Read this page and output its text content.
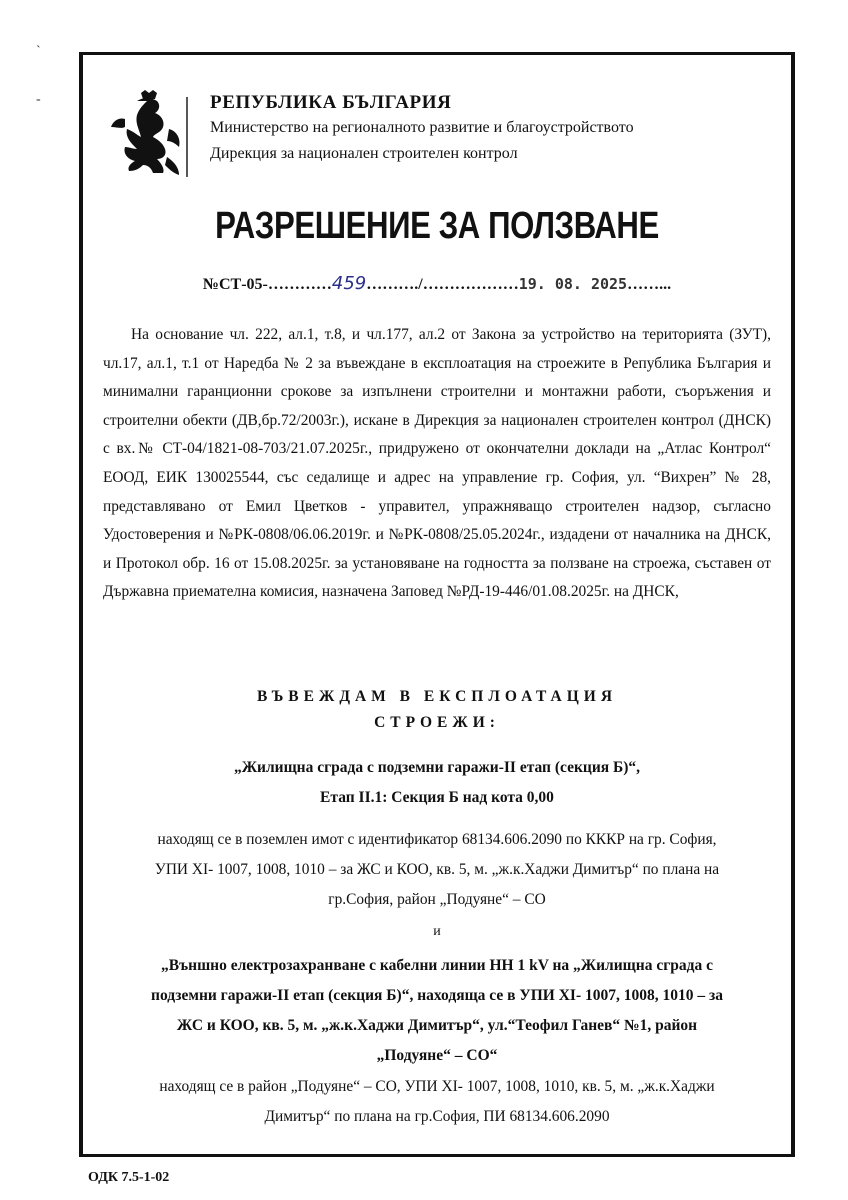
ˋ
-	РЕПУБЛИКА БЪЛГАРИЯ
Министерство на регионалното развитие и благоустройството
Дирекция за национален строителен контрол
РАЗРЕШЕНИЕ ЗА ПОЛЗВАНЕ
№СТ-05-…………459………./………………19. 08. 2025……...
На основание чл. 222, ал.1, т.8, и чл.177, ал.2 от Закона за устройство на територията (ЗУТ), чл.17, ал.1, т.1 от Наредба № 2 за въвеждане в експлоатация на строежите в Република България и минимални гаранционни срокове за изпълнени строителни и монтажни работи, съоръжения и строителни обекти (ДВ,бр.72/2003г.), искане в Дирекция за национален строителен контрол (ДНСК) с вх.№ СТ-04/1821-08-703/21.07.2025г., придружено от окончателни доклади на „Атлас Контрол“ ЕООД, ЕИК 130025544, със седалище и адрес на управление гр. София, ул. “Вихрен” № 28, представлявано от Емил Цветков - управител, упражняващо строителен надзор, съгласно Удостоверения и №РК-0808/06.06.2019г. и №РК-0808/25.05.2024г., издадени от началника на ДНСК, и Протокол обр. 16 от 15.08.2025г. за установяване на годността за ползване на строежа, съставен от Държавна приемателна комисия, назначена Заповед №РД-19-446/01.08.2025г. на ДНСК,
ВЪВЕЖДАМ В ЕКСПЛОАТАЦИЯ
СТРОЕЖИ:
„Жилищна сграда с подземни гаражи-II етап (секция Б)“,
Етап II.1: Секция Б над кота 0,00
находящ се в поземлен имот с идентификатор 68134.606.2090 по КККР на гр. София,
УПИ XI- 1007, 1008, 1010 – за ЖС и КОО, кв. 5, м. „ж.к.Хаджи Димитър“ по плана на
гр.София, район „Подуяне“ – СО
и
„Външно електрозахранване с кабелни линии НН 1 kV на „Жилищна сграда с
подземни гаражи-II етап (секция Б)“, находяща се в УПИ XI- 1007, 1008, 1010 – за
ЖС и КОО, кв. 5, м. „ж.к.Хаджи Димитър“, ул.“Теофил Ганев“ №1, район
„Подуяне“ – СО“
находящ се в район „Подуяне“ – СО, УПИ XI- 1007, 1008, 1010, кв. 5, м. „ж.к.Хаджи
Димитър“ по плана на гр.София, ПИ 68134.606.2090
ОДК 7.5-1-02
